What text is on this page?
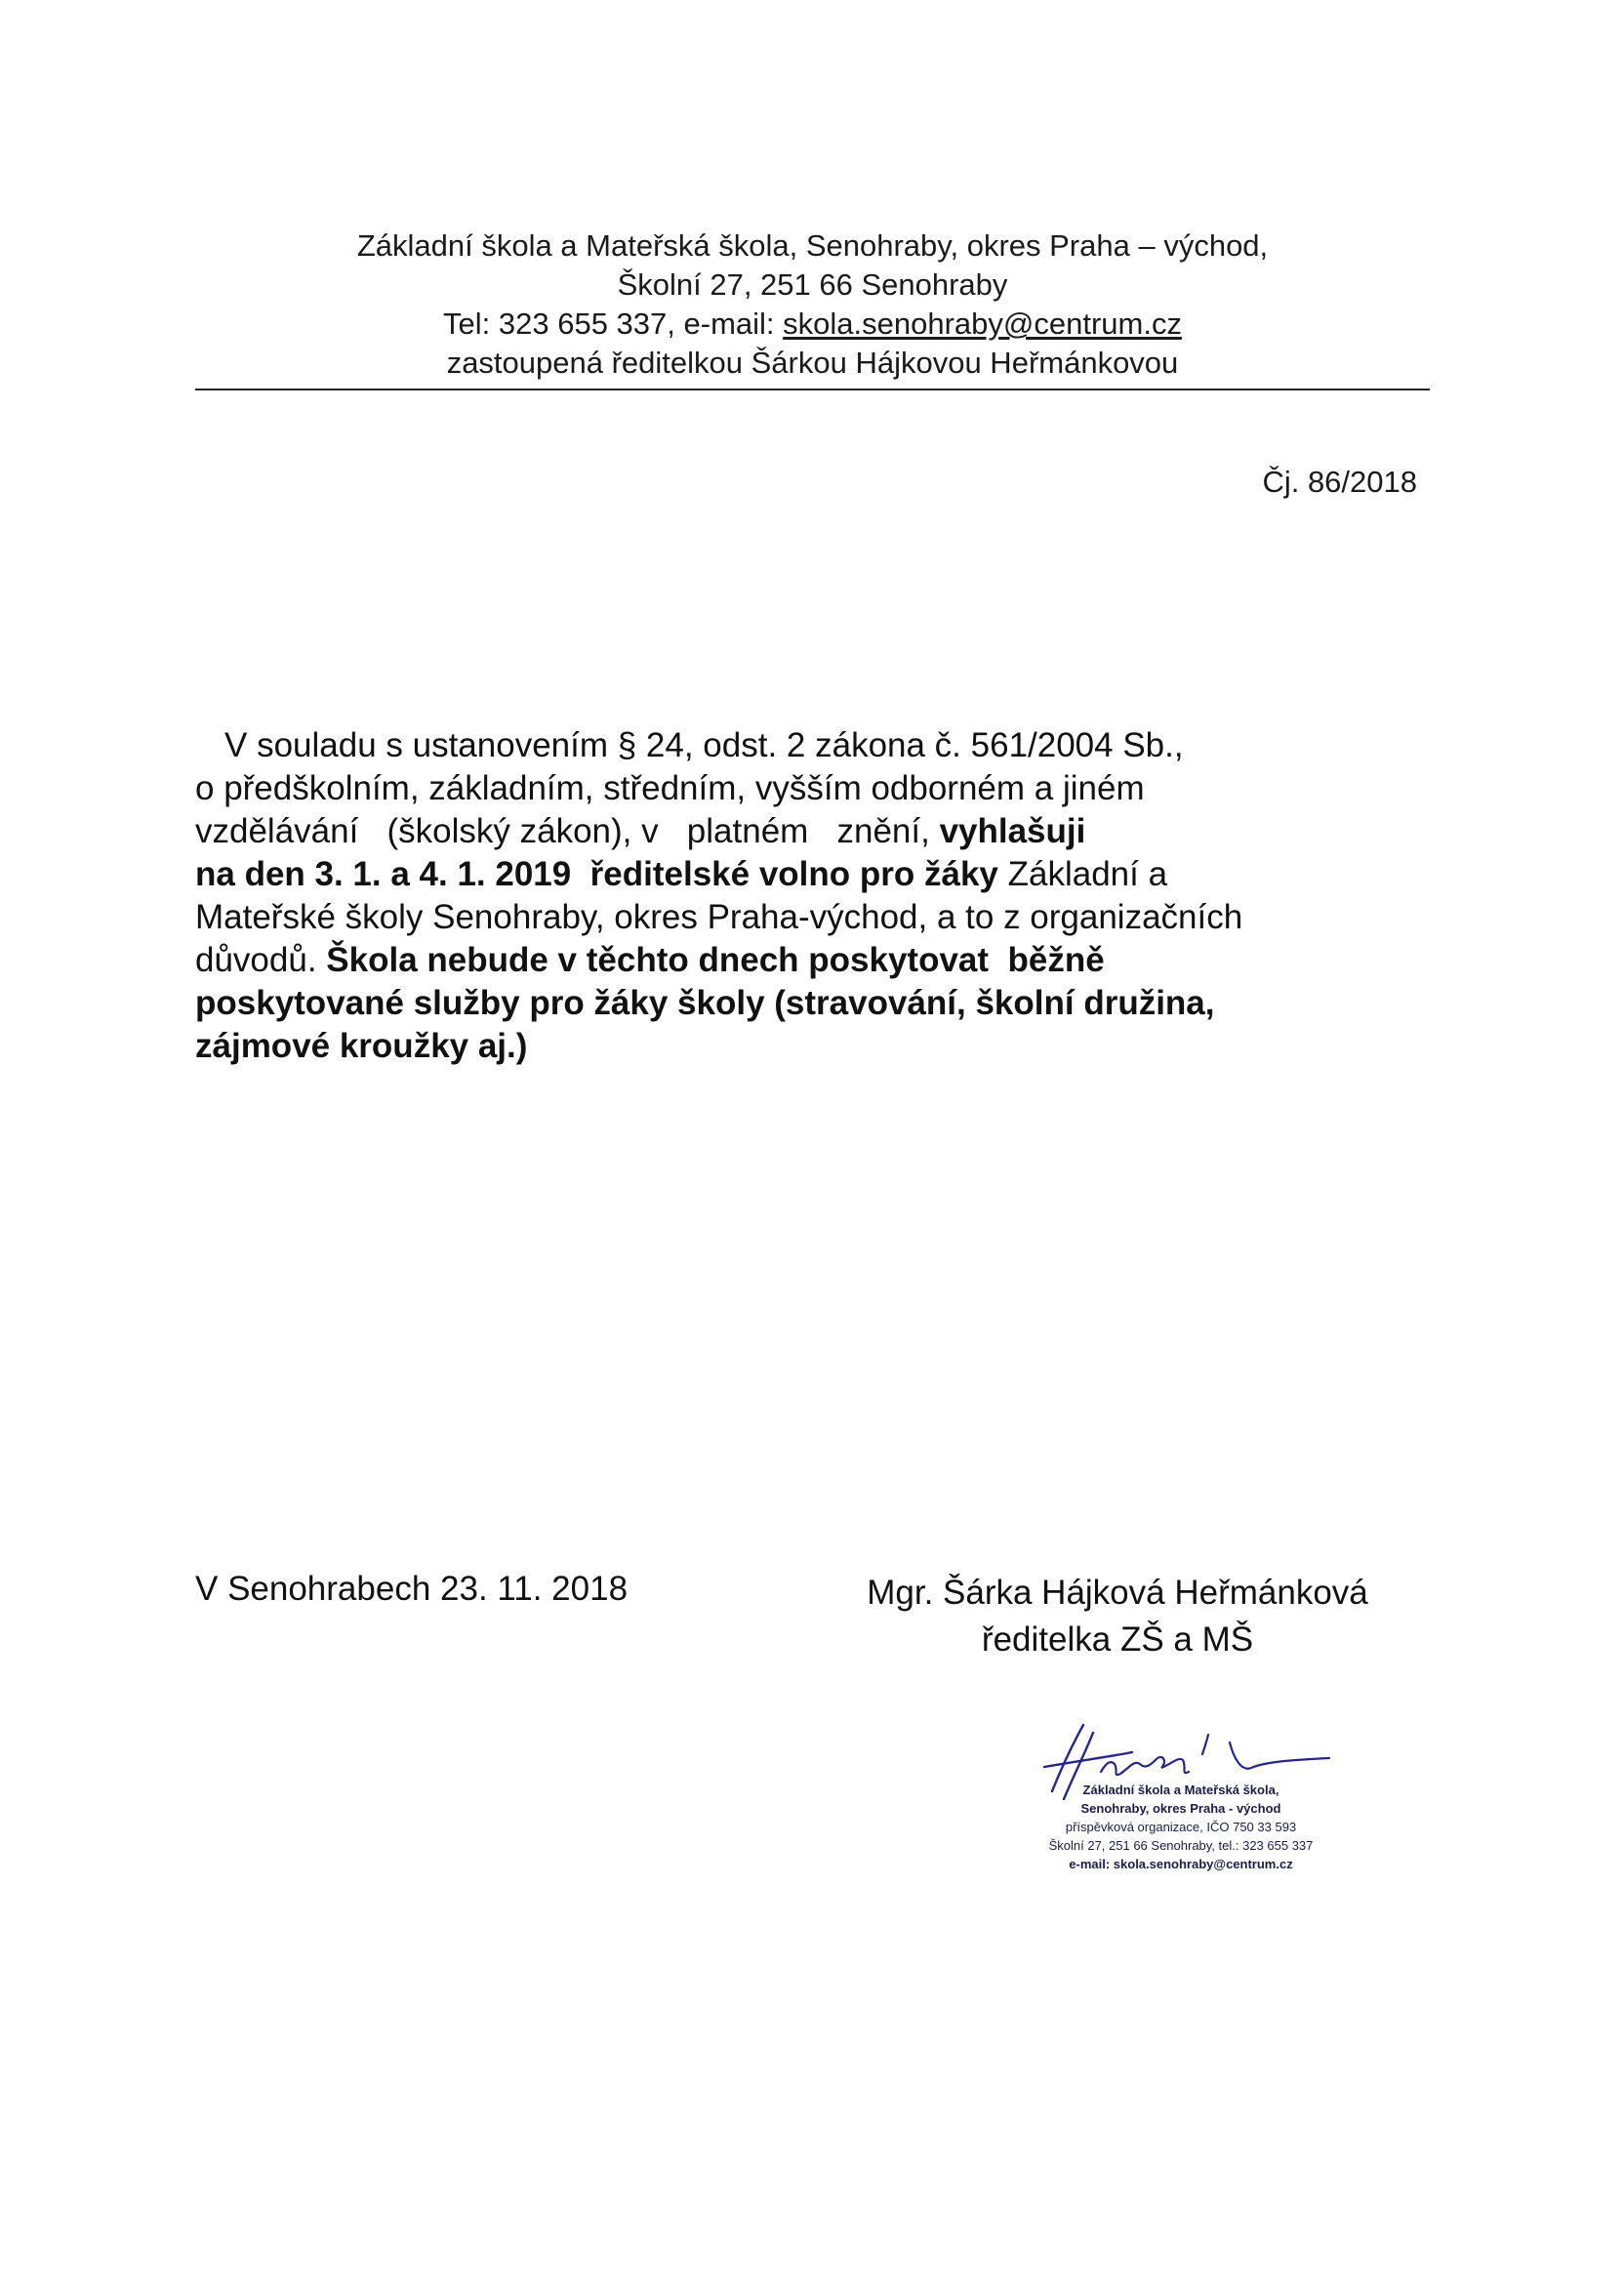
Základní škola a Mateřská škola, Senohraby, okres Praha – východ,
Školní 27, 251 66 Senohraby
Tel: 323 655 337, e-mail: skola.senohraby@centrum.cz
zastoupená ředitelkou Šárkou Hájkovou Heřmánkovou
Čj. 86/2018
V souladu s ustanovením § 24, odst. 2 zákona č. 561/2004 Sb.,
o předškolním, základním, středním, vyšším odborném a jiném
vzdělávání   (školský zákon), v   platném   znění, vyhlašuji
na den 3. 1. a 4. 1. 2019  ředitelské volno pro žáky Základní a
Mateřské školy Senohraby, okres Praha-východ, a to z organizačních
důvodů. Škola nebude v těchto dnech poskytovat  běžně
poskytované služby pro žáky školy (stravování, školní družina,
zájmové kroužky aj.)
V Senohrabech 23. 11. 2018	Mgr. Šárka Hájková Heřmánková
ředitelka ZŠ a MŠ
Základní škola a Mateřská škola,
Senohraby, okres Praha - východ
příspěvková organizace, IČO 750 33 593
Školní 27, 251 66 Senohraby, tel.: 323 655 337
e-mail: skola.senohraby@centrum.cz
